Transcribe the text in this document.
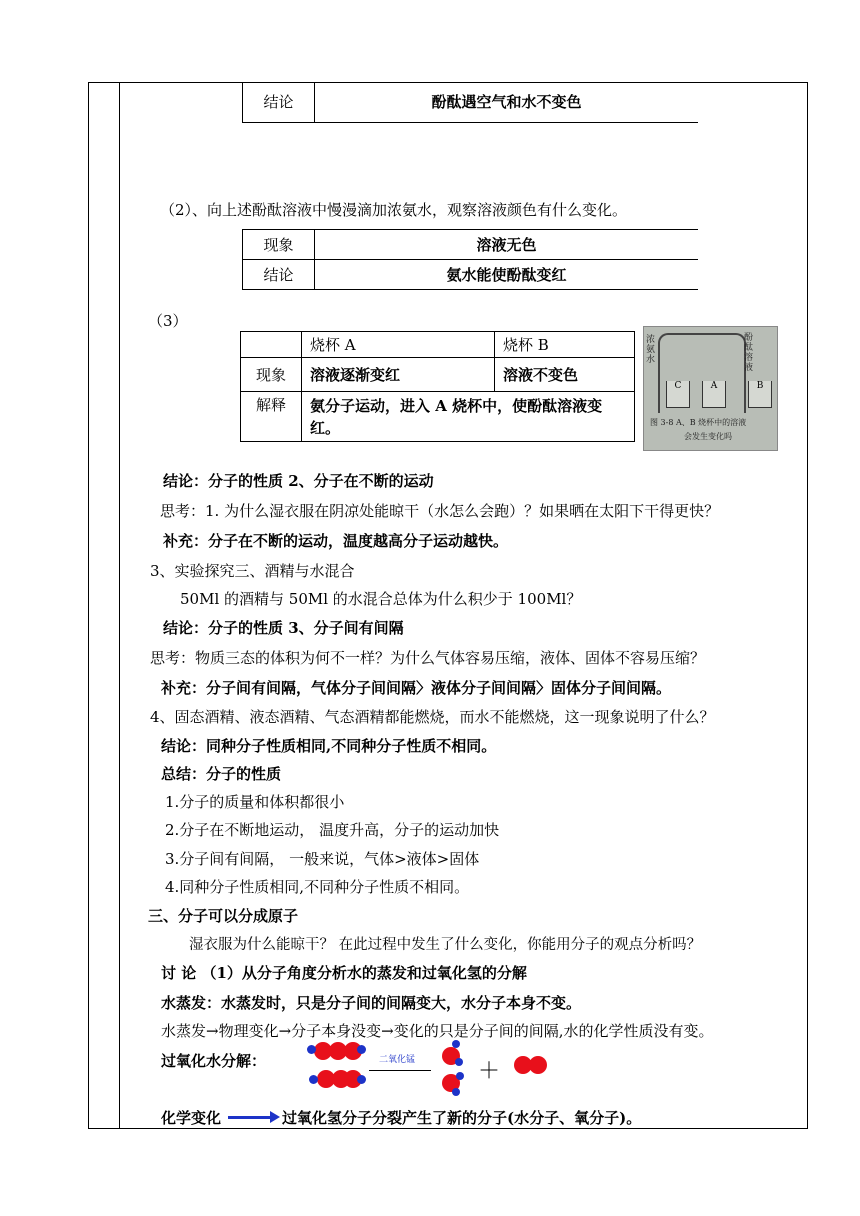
结论	酚酞遇空气和水不变色
（2）、向上述酚酞溶液中慢漫滴加浓氨水，观察溶液颜色有什么变化。
现象	溶液无色
结论	氨水能使酚酞变红
（3）
	烧杯 A	烧杯 B
现象	溶液逐渐变红	溶液不变色
解释	氨分子运动，进入 A 烧杯中，使酚酞溶液变红。	
浓氨水
酚酞溶液
C	A	B
图 3-8 A、B 烧杯中的溶液
会发生变化吗
结论：分子的性质 2、分子在不断的运动
思考：1. 为什么湿衣服在阴凉处能晾干（水怎么会跑）？如果晒在太阳下干得更快？
补充：分子在不断的运动，温度越高分子运动越快。
3、实验探究三、酒精与水混合
50Ml 的酒精与 50Ml 的水混合总体为什么积少于 100Ml？
结论：分子的性质 3、分子间有间隔
思考：物质三态的体积为何不一样？为什么气体容易压缩，液体、固体不容易压缩？
补充：分子间有间隔，气体分子间间隔〉液体分子间间隔〉固体分子间间隔。
4、固态酒精、液态酒精、气态酒精都能燃烧，而水不能燃烧，这一现象说明了什么？
结论：同种分子性质相同,不同种分子性质不相同。
总结：分子的性质
1.分子的质量和体积都很小
2.分子在不断地运动， 温度升高，分子的运动加快
3.分子间有间隔， 一般来说，气体>液体>固体
4.同种分子性质相同,不同种分子性质不相同。
三、分子可以分成原子
湿衣服为什么能晾干？ 在此过程中发生了什么变化，你能用分子的观点分析吗？
讨 论 （1）从分子角度分析水的蒸发和过氧化氢的分解
水蒸发：水蒸发时，只是分子间的间隔变大，水分子本身不变。
水蒸发→物理变化→分子本身没变→变化的只是分子间的间隔,水的化学性质没有变。
过氧化水分解：	二氧化锰	＋
化学变化	过氧化氢分子分裂产生了新的分子(水分子、氧分子)。
